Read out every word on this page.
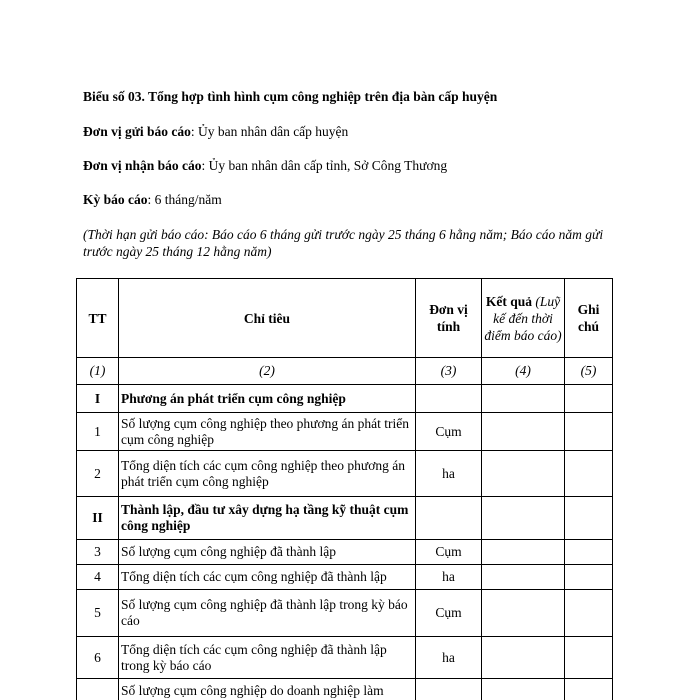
Biểu số 03. Tổng hợp tình hình cụm công nghiệp trên địa bàn cấp huyện
Đơn vị gửi báo cáo: Ủy ban nhân dân cấp huyện
Đơn vị nhận báo cáo: Ủy ban nhân dân cấp tỉnh, Sở Công Thương
Kỳ báo cáo: 6 tháng/năm
(Thời hạn gửi báo cáo: Báo cáo 6 tháng gửi trước ngày 25 tháng 6 hằng năm; Báo cáo năm gửi trước ngày 25 tháng 12 hằng năm)
TT	Chỉ tiêu	Đơn vị tính	Kết quả (Luỹ kế đến thời điểm báo cáo)	Ghi chú
(1)	(2)	(3)	(4)	(5)
I	Phương án phát triển cụm công nghiệp			
1	Số lượng cụm công nghiệp theo phương án phát triển cụm công nghiệp	Cụm		
2	Tổng diện tích các cụm công nghiệp theo phương án phát triển cụm công nghiệp	ha		
II	Thành lập, đầu tư xây dựng hạ tầng kỹ thuật cụm công nghiệp			
3	Số lượng cụm công nghiệp đã thành lập	Cụm		
4	Tổng diện tích các cụm công nghiệp đã thành lập	ha		
5	Số lượng cụm công nghiệp đã thành lập trong kỳ báo cáo	Cụm		
6	Tổng diện tích các cụm công nghiệp đã thành lập trong kỳ báo cáo	ha		
	Số lượng cụm công nghiệp do doanh nghiệp làm			
